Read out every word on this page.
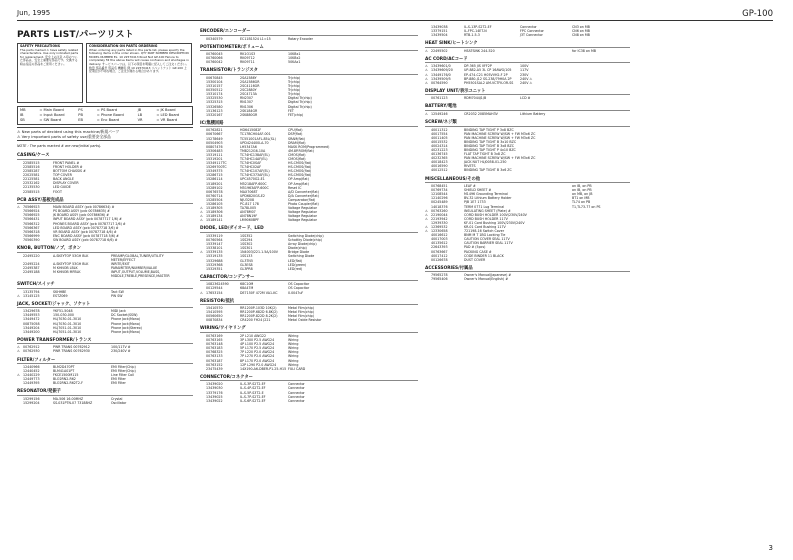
Jun, 1995	GP-100
3
PARTS LIST/パーツリスト
SAFETY PRECAUTIONS
The parts marked ⚠ have safety related characteristics. Use only indicated parts for replacement. 安全上の注意 ⚠印のついた部品は、安全上重要な部品です。交換する時は指定の部品をご使用ください。
CONSIDERATION ON PARTS ORDERING
When ordering any parts listed in the parts list, please specify the following items in the order shown. QTY PART NUMBER DESCRIPTION MODEL NUMBER Ex. 10 22570413 Rivet Nut GP-100 Failure to completely fill the above items will cause confusion and shortages in delivery. サービスパーツは、以下の項目を明確に記入してご注文ください。数量 部品番号 部品名 機種名 例 10 22570413 リベットナット GP-100 上記項目が不明な場合、ご注文が遅れる場合があります。
MB	= Main Board	PS	= PS Board	JB	= JK Board
IB	= Input Board	PB	= Phone Board	LB	= LED Board
SB	= SW Board	EB	= Enc Board	VR	= VR Board
⚠ New parts of decided using this machine/新規パーツ
⚠ Very important parts of safety use/重要安全部品
NOTE : The parts marked # are new(initial parts).
CASING/ケース
22585515	FRONT PANEL #
22585516	FRONT HOLDER #
22585287	BOTTOM CHASSIS #
22025581	TOP COVER
22125581	BACK ANGLE
22532162	DISPLAY COVER
22135530	LED GUIDE
22585515	FOOT
PCB ASSY/基板完成品
⚠ 70566923	MAIN BOARD ASSY (pcb 00786634) #
70566924	PS BOARD ASSY (pcb 00786635) #
70566925	JK BOARD ASSY (pcb 00786636) #
70566431	INPUT BOARD ASSY (pcb 00787717 1/6) #
70566312	PHONES BOARD ASSY (pcb 00787717 2/6) #
70566367	LED BOARD ASSY (pcb 00787718 3/6) #
70566318	VR BOARD ASSY (pcb 00787718 4/6) #
70566999	ENC BOARD ASSY (pcb 00787718 5/6) #
70560390	SW BOARD ASSY (pcb 00787718 6/6) #
KNOB, BUTTON/ノブ、ボタン
22495220	A-SKEYTOP 53GH BLK	PREAMP/GLOBAL,TUNER/UTILITY
METER/EFFECT
22495224	A-SKEYTOP 53GH BLK	WRITE/EXIT
22495387	M KHNOB LBLK	PARAMETER/NUMBER/VALUE
22495188	M KHNOB MFBLK	INPUT,OUTPUT,VOLUME,BASS,
MIDDLE,TREBLE,PRESENCE,MASTER
SWITCH/スイッチ
13135794	SKHHBE	Tact SW
⚠ 13145125	ESTZ069	PW SW
JACK, SOCKET/ジャック、ソケット
13429678	YKF51-5048	MIDI Jack
13449553	150-030-000	DC Socket(SSW)
13449472	HLJ7030-01-3010	Phone Jack(Mono)
00875058	HLJ7030-01-3010	Phone Jack(Mono)
13449204	HLJ7051-01-3010	Phone Jack(Stereo)
13449200	HLJ7051-01-3010	Phone Jack(Mono)
POWER TRANSFORMER/トランス
⚠ 00762912	PWR TRANS 00762912	100/117V #
⚠ 00762930	PWR TRANS 00762930	230/240V #
FILTER/フィルター
12440966	BLM2D470PT	EMI Filter(Chip)
12440452	BLM41A01PT	EMI Filter(Chip)
⚠ 12440229	FKCE1500M115	Line Filter Coil
12449773	BLO2RN2-R62	EMI Filter
12449395	BLO2RN2-R62T2-F	EMI Filter
RESONATOR/発振子
15299156	MA-506 16.00MHZ	Crystal
15299204	SS-031PTN-07 73188HZ	Oscillator
ENCODER/エンコーダー
00340579	EC11B1524 L1=15	Rotary Encoder
POTENTIOMETER/ボリューム
00760045	RK1O1S3	10KBx1
00760066	RK09712	10KBx2
00760042	RK09711	50KAx1
TRANSISTOR/トランジスタ
00670845	2SA1586Y	Tr(chip)
15300104	2SA1586GR	Tr(chip)
15310157	2SC4116GR	Tr(chip)
00350512	2SC2880Y	Tr(chip)
15310174	2SC4713A	Tr(chip)
15325530	RN2307	Digital Tr(chip)
15325315	RN1307	Digital Tr(chip)
15326580	RN1306	Digital Tr(chip)
15136123	2SK184GR	FET
15320167	2SK880GR	FET(chip)
IC/集積回路
00762821	HD6415082F	CPU(flat)
00670667	TC17BCH04AF-001	DSP(flat)
15278649	TC551001AFL-85L(SL)	SRAM(flat)
00504903	UPD424400LA-70	DRAM(flat)
00807476	LH5347A6	MASK ROM(Programmed)
15306483	TM8212G6-10A	4M.8P.ROM(flat)
15319111	TC74HC138AF(EL)	CMOS(flat)
15319201	TC74HC14AF(EL)	CMOS(flat)
15349117TC	TC74HC0SAF	HS-CMOS(flat)
15269700TC	TC74HC02AF	HS-CMOS(flat)
15349375	TC74HC107AF(EL)	HS-CMOS(flat)
15286715	TC74HC373AF(EL)	HS-CMOS(flat)
15286114	UPC4570G2-E1	OP Amp(flat)
15189201	M5218AFP-600C	OP Amp(flat)
15289102	M51963AFP-600C	Reset IC
00676578	MAX7068T	A/D Converter(flat)
00760714	UPD6820GS-E2	D/A Converter(flat)
15285504	NJU3208	Comparator(flat)
15286105	PC-817 178	Photo Coupler(flat)
⚠ 15189305	TA78L005	Voltage Regulator
⚠ 15189306	AN78M07	Voltage Regulator
⚠ 15189134	AN78N19F	Voltage Regulator
⚠ 15189141	LM9060BPF	Voltage Regulator
DIODE, LED/ダイオード、LED
15339119	1SS352	Switching Diode(chip)
00760564	1SS294	Schottky Diode(chip)
15339147	1SS302	Array Diode(chip)
15338101	1SS301	Diode(chip)
⚠ 15339135	1N4003/221.1.5A/100V	Bridge Diode
15319135	1SS133	Switching Diode
15329688	GL3TN5	LED(flat)
15329368	GL3ES8	LED(green)
15329351	GL3PR8	LED(red)
CAPACITOR/コンデンサー
10823624590	68C10M	OS Capacitor
00129544	68A47M	OS Capacitor
⚠ 17653154	DE7150F 472M VA1-KC	0.0047uF
RESISTOR/抵抗
15410570	RR1200P-103D 10K(2)	Metal Film(chip)
15410595	RR1200P-682D 6.8K(2)	Metal Film(chip)
00560650	RR1200P-822D 8.2K(2)	Metal Film(chip)
00870834	CR4200 FH24 J221	Metal Oxide Resistor
WIRING/ワイヤリング
00763169	2P L210 AWG22	Wiring
00763165	3P L300 P2.5 AWG24	Wiring
00763148	4P L100 P2.5 AWG24	Wiring
00763183	5P L170 P2.5 AWG24	Wiring
00768325	7P L220 P2.0 AWG24	Wiring
00763133	7P L270 P2.0 AWG24	Wiring
00763187	8P L170 P2.0 AWG24	Wiring
00763152	12P L290 P2.0 AWG24	Wiring
23475439	14X190-A6-DBER-P1.25-H15 FULI CARD
CONNECTOR/コネクター
13439020	IL-S-3P-S2T2-EF	Connector
13439030	IL-S-4P-S2T2-EF	Connector
13379176	IL-S-5P-S3T2-E	Connector
13439025	IL-S-7P-S2T2-EF	Connector
13439022	IL-S-6P-S2T2-EF	Connector
13439038	IL-S-13P-S2T2-EF	Connector	CN3 on MB
13379151	IL-FPC-14ET-N	FPC Connector	CN6 on MB
13439504	RTB-1.5-3	J3T Connector	CN8 on MB
HEAT SINK/ヒートシンク
⚠ 22495502	HEATSINK 244-520	for IC38 on MB
AC CORD/ACコード
⚠ 13439601/0	DP-365 JIS VFF2P	100V
⚠ 13439609/20	UP-882-A5 3L CP 16AWG/105	117V
⚠ 13449176/0	EP-474-C21 H05VVH2-F 2P	230V
⚠ 13439509/5	BP-880-J12 SS-238/79H0A 2P	240V ⚠
⚠ 00764590	PH5501SAL2 AM-VCTFK-OR-SS	240V ⚠
DISPLAY UNIT/表示ユニット
00761123	RDM7044J1/B	LCD #
BATTERY/電池
⚠ 12549246	CR2032 2085MAH3V	Lithium Battery
SCREW/ネジ類
40011312	BINDING TAP TIGHT P 3x8 BZC
40017554	PAN MACHINE SCREW W/SW + FW M3x6 ZC
40011405	PAN MACHINE SCREW W/SW + FW M3x6 ZC
40015532	BINDING TAP TIGHT B 3x10 BZC
40024314	BINDING TAP TIGHT B 3x8 BZC
40231223	BINDING TAP TIGHT P 4x10 BZC
40136745	FLAT TAP TIGHT B 3x8 ZC
40232365	PAN MACHINE SCREW W/SW + FW M3x6 ZC
40018423	JACK NUT HLJ0058-01-250
40016590	RIVETS
40012512	BINDING TAP TIGHT B 3x6 ZC
MISCELLANEOUS/その他
00768451	LEAF #	on IB, on PB
00769734	SHIELD SHEET #	on IB, on PB
12108544	M1496 Grounding Terminal	on MB, on JB
12140296	BV-32 Lithium Battery Holder	BT1 on MB
00245489	PJB 1E7 1733	TL74 on PB
14018376	TERM 0771 Lug Terminal	T1,TL73-77 on PS
⚠ 00763260	INSULATING SHEET (Plate) #
⚠ 22190044	CORD BUSH HOLDER 100V/230V/240V
⚠ 22193942	CORD BUSH HOLDER 117V
12939330	KF-01 Cord Bushing 100V/230V/240V
⚠ 12369532	KR-01 Cord Bushing 117V
⚠ 12330658	721198-16 Switch Cover
40016612	BNM M T 1BG Locking Tie
40017003	CAUTION COVER SEAL 117V
40135612	CAUTION BARRIER SEAL 117V
22643393	PAD # (5pcs)
00763667	PACKING CASE #
40017412	CODE BINDER 11 BLACK
00126678	DUST COVER
ACCESSORIES/付属品
79565278	Owner's Manual(Japanese) #
79565406	Owner's Manual(English) #
